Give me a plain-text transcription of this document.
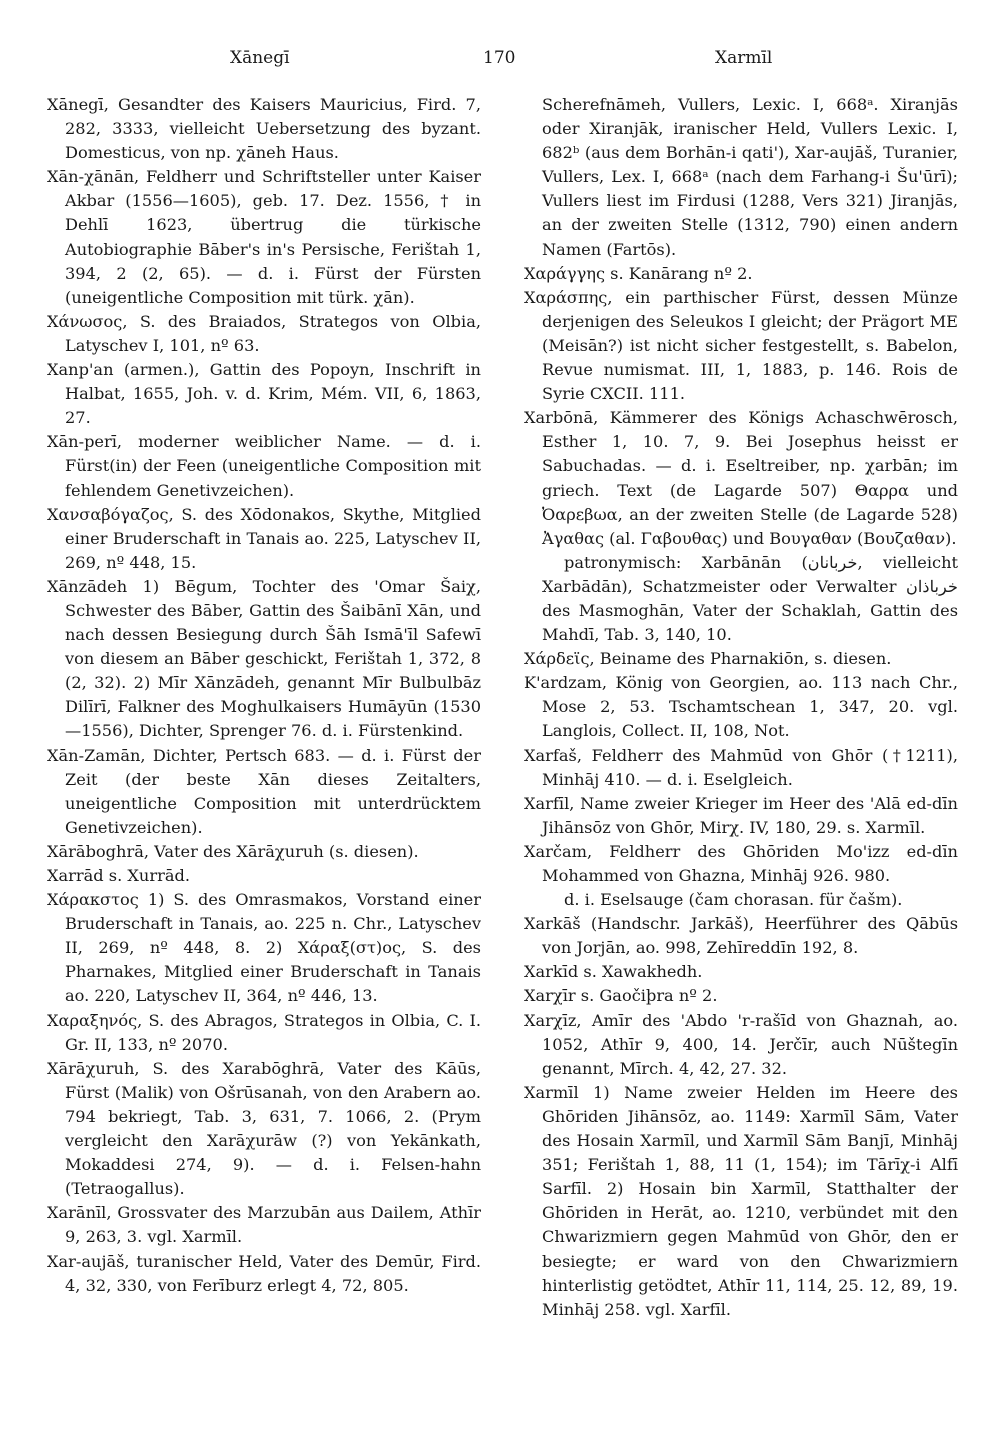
Xānegī	170	Xarmīl

Xānegī, Gesandter des Kaisers Mauricius, Fird. 7, 282, 3333, vielleicht Uebersetzung des byzant. Domesticus, von np. χāneh Haus.

Xān-χānān, Feldherr und Schriftsteller unter Kaiser Akbar (1556—1605), geb. 17. Dez. 1556, † in Dehlī 1623, übertrug die türkische Autobiographie Bāber's in's Persische, Ferištah 1, 394, 2 (2, 65). — d. i. Fürst der Fürsten (uneigentliche Composition mit türk. χān).

Χάνωσος, S. des Braiados, Strategos von Olbia, Latyschev I, 101, nº 63.

Xanp'an (armen.), Gattin des Popoyn, Inschrift in Halbat, 1655, Joh. v. d. Krim, Mém. VII, 6, 1863, 27.

Xān-perī, moderner weiblicher Name. — d. i. Fürst(in) der Feen (uneigentliche Composition mit fehlendem Genetivzeichen).

Χανσαβόγαζος, S. des Xōdonakos, Skythe, Mitglied einer Bruderschaft in Tanais ao. 225, Latyschev II, 269, nº 448, 15.

Xānzādeh 1) Bēgum, Tochter des 'Omar Šaiχ, Schwester des Bāber, Gattin des Šaibānī Xān, und nach dessen Besiegung durch Šāh Ismā'īl Safewī von diesem an Bāber geschickt, Ferištah 1, 372, 8 (2, 32). 2) Mīr Xānzādeh, genannt Mīr Bulbulbāz Dilīrī, Falkner des Moghulkaisers Humāyūn (1530—1556), Dichter, Sprenger 76. d. i. Fürstenkind.

Xān-Zamān, Dichter, Pertsch 683. — d. i. Fürst der Zeit (der beste Xān dieses Zeitalters, uneigentliche Composition mit unterdrücktem Genetivzeichen).

Xārāboghrā, Vater des Xārāχuruh (s. diesen).

Xarrād s. Xurrād.

Χάρακστος 1) S. des Omrasmakos, Vorstand einer Bruderschaft in Tanais, ao. 225 n. Chr., Latyschev II, 269, nº 448, 8. 2) Χάραξ(στ)ος, S. des Pharnakes, Mitglied einer Bruderschaft in Tanais ao. 220, Latyschev II, 364, nº 446, 13.

Χαραξηνός, S. des Abragos, Strategos in Olbia, C. I. Gr. II, 133, nº 2070.

Xārāχuruh, S. des Xarabōghrā, Vater des Kāūs, Fürst (Malik) von Ošrūsanah, von den Arabern ao. 794 bekriegt, Tab. 3, 631, 7. 1066, 2. (Prym vergleicht den Xarāχurāw (?) von Yekānkath, Mokaddesi 274, 9). — d. i. Felsen-hahn (Tetraogallus).

Xarānīl, Grossvater des Marzubān aus Dailem, Athīr 9, 263, 3. vgl. Xarmīl.

Xar-aujāš, turanischer Held, Vater des Demūr, Fird. 4, 32, 330, von Ferīburz erlegt 4, 72, 805.

Scherefnāmeh, Vullers, Lexic. I, 668ᵃ. Xiranjās oder Xiranjāk, iranischer Held, Vullers Lexic. I, 682ᵇ (aus dem Borhān-i qati'), Xar-aujāš, Turanier, Vullers, Lex. I, 668ᵃ (nach dem Farhang-i Šu'ūrī); Vullers liest im Firdusi (1288, Vers 321) Jiranjās, an der zweiten Stelle (1312, 790) einen andern Namen (Fartōs).

Χαράγγης s. Kanārang nº 2.

Χαράσπης, ein parthischer Fürst, dessen Münze derjenigen des Seleukos I gleicht; der Prägort ME (Meisān?) ist nicht sicher festgestellt, s. Babelon, Revue numismat. III, 1, 1883, p. 146. Rois de Syrie CXCII. 111.

Xarbōnā, Kämmerer des Königs Achaschwērosch, Esther 1, 10. 7, 9. Bei Josephus heisst er Sabuchadas. — d. i. Eseltreiber, np. χarbān; im griech. Text (de Lagarde 507) Θαρρα und Ὀαρεβωα, an der zweiten Stelle (de Lagarde 528) Ἀγαθας (al. Γαβουθας) und Βουγαθαν (Βουζαθαν).

patronymisch: Xarbānān (خربانان, vielleicht Xarbādān), Schatzmeister oder Verwalter خرباذان des Masmoghān, Vater der Schaklah, Gattin des Mahdī, Tab. 3, 140, 10.

Χάρδεϊς, Beiname des Pharnakiōn, s. diesen.

K'ardzam, König von Georgien, ao. 113 nach Chr., Mose 2, 53. Tschamtschean 1, 347, 20. vgl. Langlois, Collect. II, 108, Not.

Xarfaš, Feldherr des Mahmūd von Ghōr (†1211), Minhāj 410. — d. i. Eselgleich.

Xarfīl, Name zweier Krieger im Heer des 'Alā ed-dīn Jihānsōz von Ghōr, Mirχ. IV, 180, 29. s. Xarmīl.

Xarčam, Feldherr des Ghōriden Mo'izz ed-dīn Mohammed von Ghazna, Minhāj 926. 980.

d. i. Eselsauge (čam chorasan. für čašm).

Xarkāš (Handschr. Jarkāš), Heerführer des Qābūs von Jorjān, ao. 998, Zehīreddīn 192, 8.

Xarkīd s. Xawakhedh.

Xarχīr s. Gaočiþra nº 2.

Xarχīz, Amīr des 'Abdo 'r-rašīd von Ghaznah, ao. 1052, Athīr 9, 400, 14. Jerčīr, auch Nūštegīn genannt, Mīrch. 4, 42, 27. 32.

Xarmīl 1) Name zweier Helden im Heere des Ghōriden Jihānsōz, ao. 1149: Xarmīl Sām, Vater des Hosain Xarmīl, und Xarmīl Sām Banjī, Minhāj 351; Ferištah 1, 88, 11 (1, 154); im Tārīχ-i Alfī Sarfīl. 2) Hosain bin Xarmīl, Statthalter der Ghōriden in Herāt, ao. 1210, verbündet mit den Chwarizmiern gegen Mahmūd von Ghōr, den er besiegte; er ward von den Chwarizmiern hinterlistig getödtet, Athīr 11, 114, 25. 12, 89, 19. Minhāj 258. vgl. Xarfīl.
